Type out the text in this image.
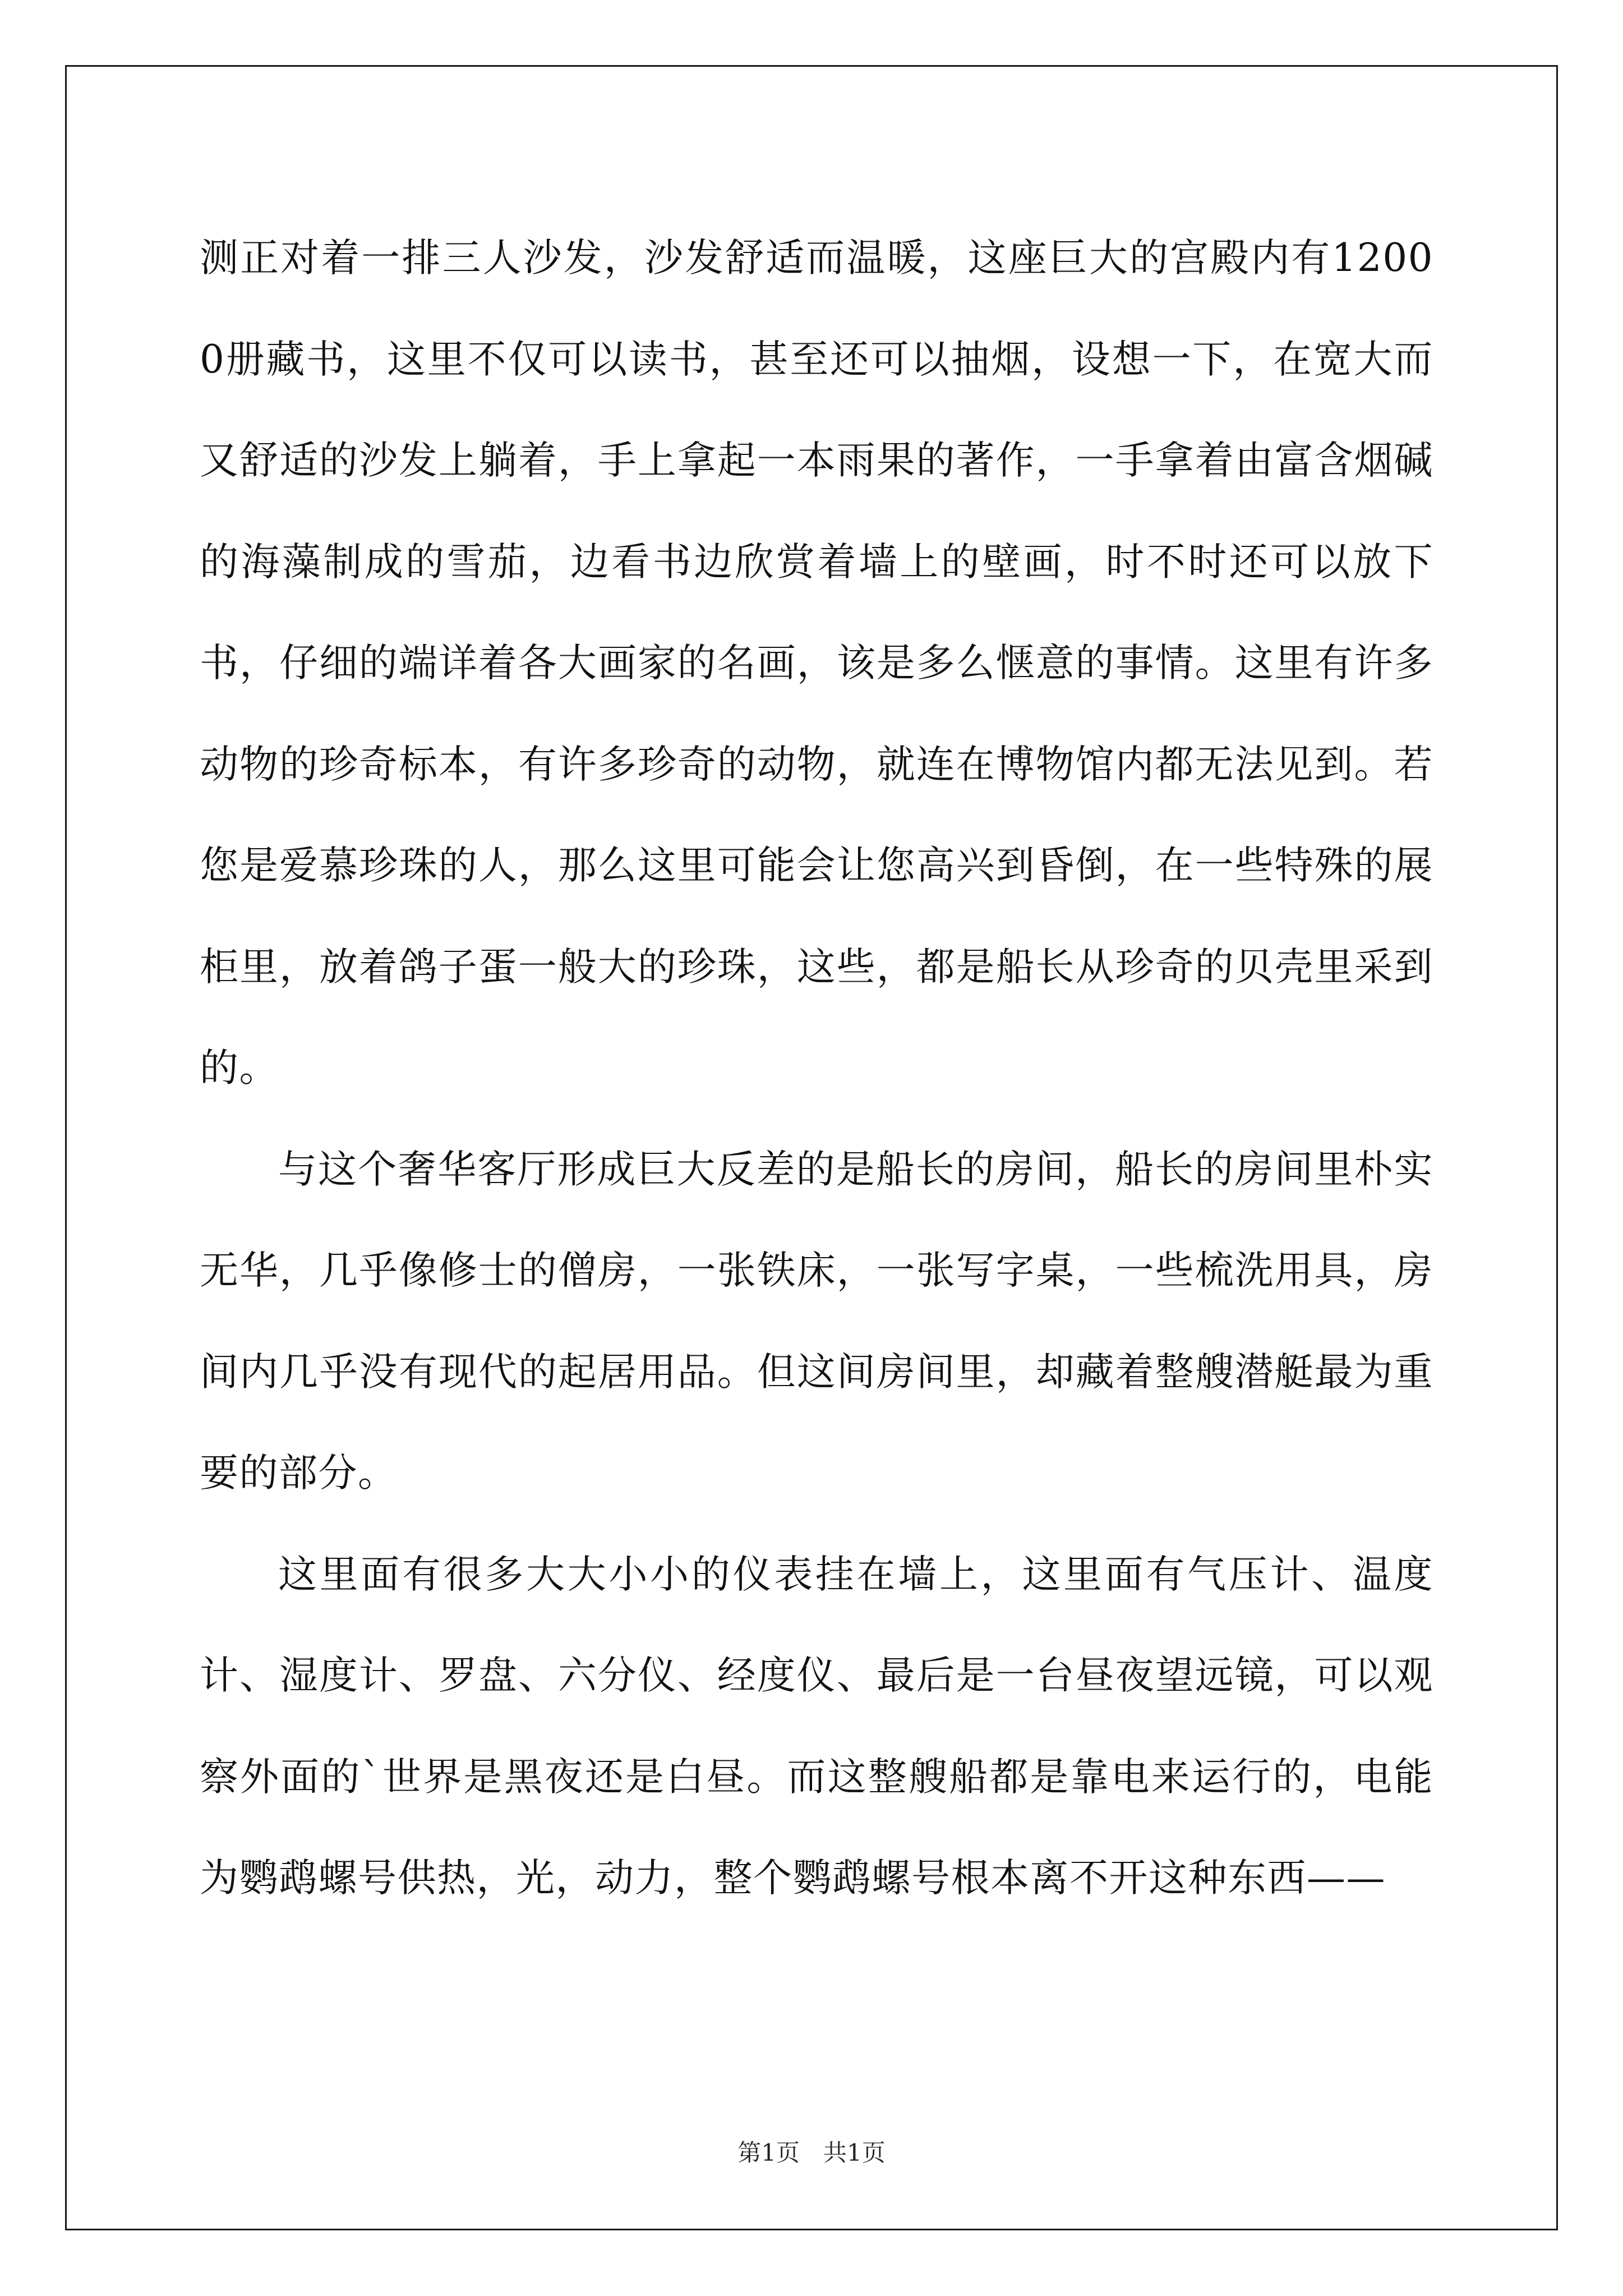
测正对着一排三人沙发，沙发舒适而温暖，这座巨大的宫殿内有12000册藏书，这里不仅可以读书，甚至还可以抽烟，设想一下，在宽大而又舒适的沙发上躺着，手上拿起一本雨果的著作，一手拿着由富含烟碱的海藻制成的雪茄，边看书边欣赏着墙上的壁画，时不时还可以放下书，仔细的端详着各大画家的名画，该是多么惬意的事情。这里有许多动物的珍奇标本，有许多珍奇的动物，就连在博物馆内都无法见到。若您是爱慕珍珠的人，那么这里可能会让您高兴到昏倒，在一些特殊的展柜里，放着鸽子蛋一般大的珍珠，这些，都是船长从珍奇的贝壳里采到的。

与这个奢华客厅形成巨大反差的是船长的房间，船长的房间里朴实无华，几乎像修士的僧房，一张铁床，一张写字桌，一些梳洗用具，房间内几乎没有现代的起居用品。但这间房间里，却藏着整艘潜艇最为重要的部分。

这里面有很多大大小小的仪表挂在墙上，这里面有气压计、温度计、湿度计、罗盘、六分仪、经度仪、最后是一台昼夜望远镜，可以观察外面的`世界是黑夜还是白昼。而这整艘船都是靠电来运行的，电能为鹦鹉螺号供热，光，动力，整个鹦鹉螺号根本离不开这种东西——

第1页 共1页
